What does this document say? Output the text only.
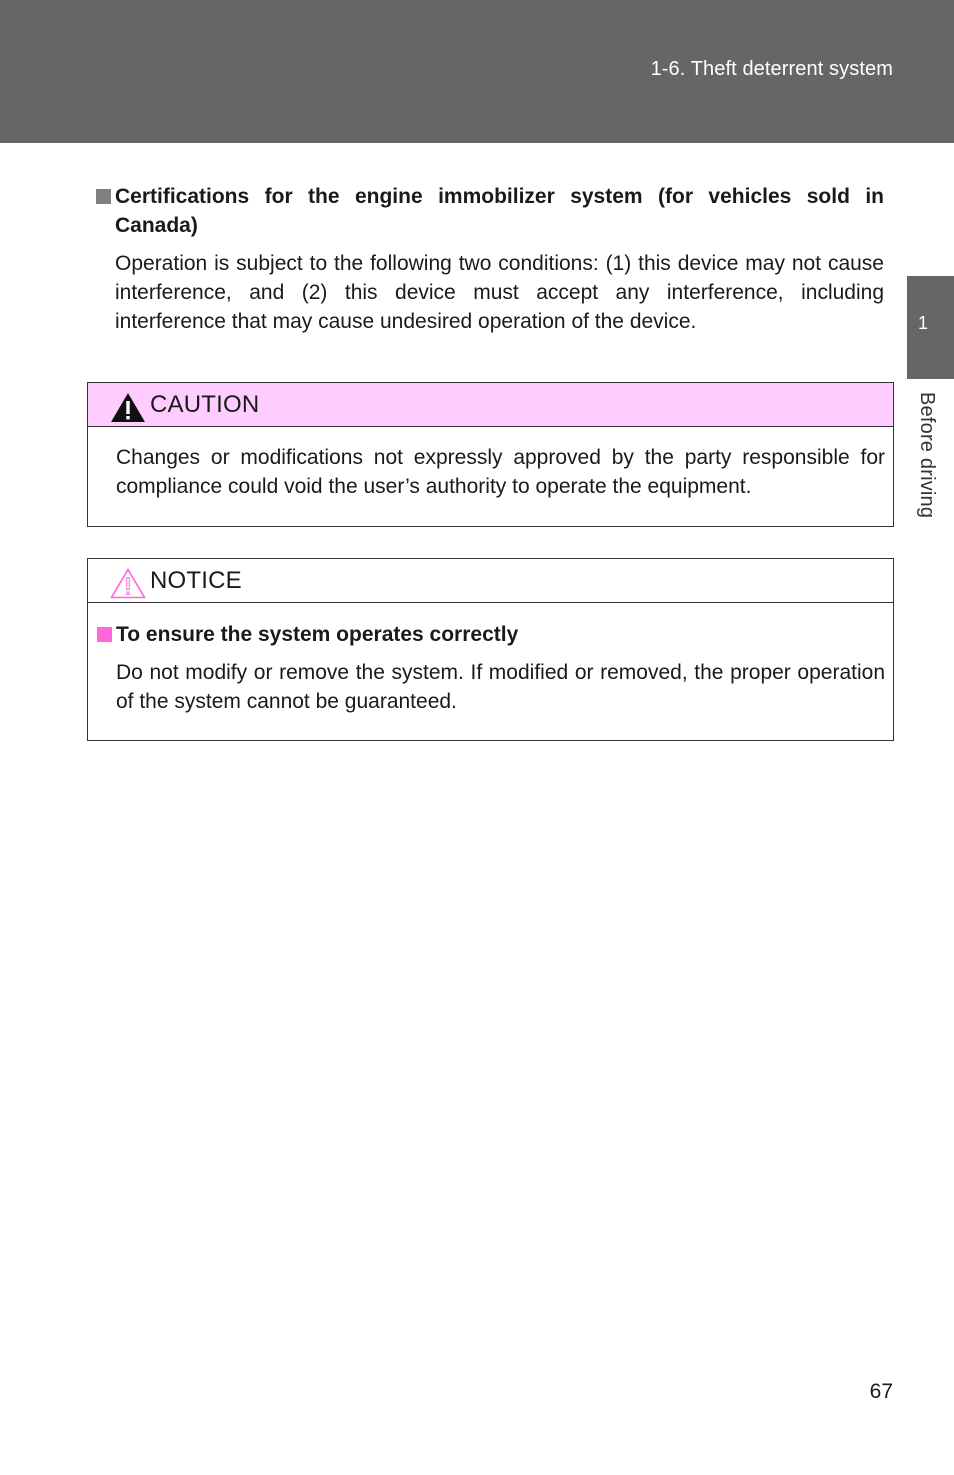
1-6. Theft deterrent system
1
Before driving
Certifications for the engine immobilizer system (for vehicles sold in Canada)
Operation is subject to the following two conditions: (1) this device may not cause interference, and (2) this device must accept any interference, including interference that may cause undesired operation of the device.
CAUTION
Changes or modifications not expressly approved by the party responsible for compliance could void the user’s authority to operate the equipment.
NOTICE
To ensure the system operates correctly
Do not modify or remove the system. If modified or removed, the proper operation of the system cannot be guaranteed.
67
